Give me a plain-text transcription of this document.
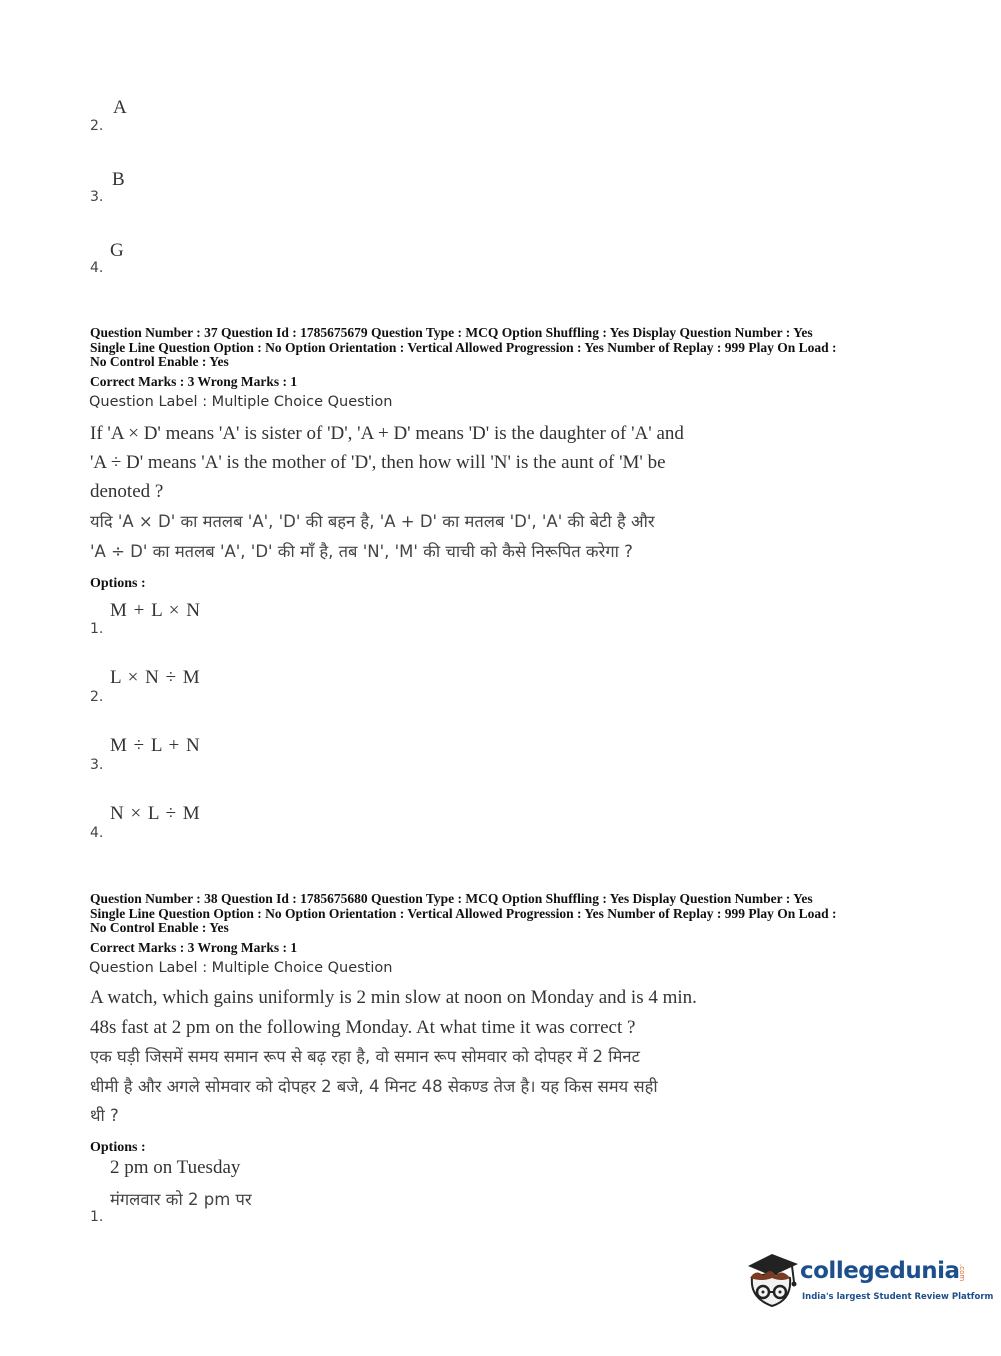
A
2.
B
3.
G
4.
Question Number : 37 Question Id : 1785675679 Question Type : MCQ Option Shuffling : Yes Display Question Number : Yes
Single Line Question Option : No Option Orientation : Vertical Allowed Progression : Yes Number of Replay : 999 Play On Load :
No Control Enable : Yes
Correct Marks : 3 Wrong Marks : 1
Question Label : Multiple Choice Question
If 'A × D' means 'A' is sister of 'D', 'A + D' means 'D' is the daughter of 'A' and
'A ÷ D' means 'A' is the mother of 'D', then how will 'N' is the aunt of 'M' be
denoted ?
यदि 'A × D' का मतलब 'A', 'D' की बहन है, 'A + D' का मतलब 'D', 'A' की बेटी है और
'A ÷ D' का मतलब 'A', 'D' की माँ है, तब 'N', 'M' की चाची को कैसे निरूपित करेगा ?
Options :
M + L × N
1.
L × N ÷ M
2.
M ÷ L + N
3.
N × L ÷ M
4.
Question Number : 38 Question Id : 1785675680 Question Type : MCQ Option Shuffling : Yes Display Question Number : Yes
Single Line Question Option : No Option Orientation : Vertical Allowed Progression : Yes Number of Replay : 999 Play On Load :
No Control Enable : Yes
Correct Marks : 3 Wrong Marks : 1
Question Label : Multiple Choice Question
A watch, which gains uniformly is 2 min slow at noon on Monday and is 4 min.
48s fast at 2 pm on the following Monday. At what time it was correct ?
एक घड़ी जिसमें समय समान रूप से बढ़ रहा है, वो समान रूप सोमवार को दोपहर में 2 मिनट
धीमी है और अगले सोमवार को दोपहर 2 बजे, 4 मिनट 48 सेकण्ड तेज है। यह किस समय सही
थी ?
Options :
2 pm on Tuesday
मंगलवार को 2 pm पर
1.
collegedunia
.com
India's largest Student Review Platform
